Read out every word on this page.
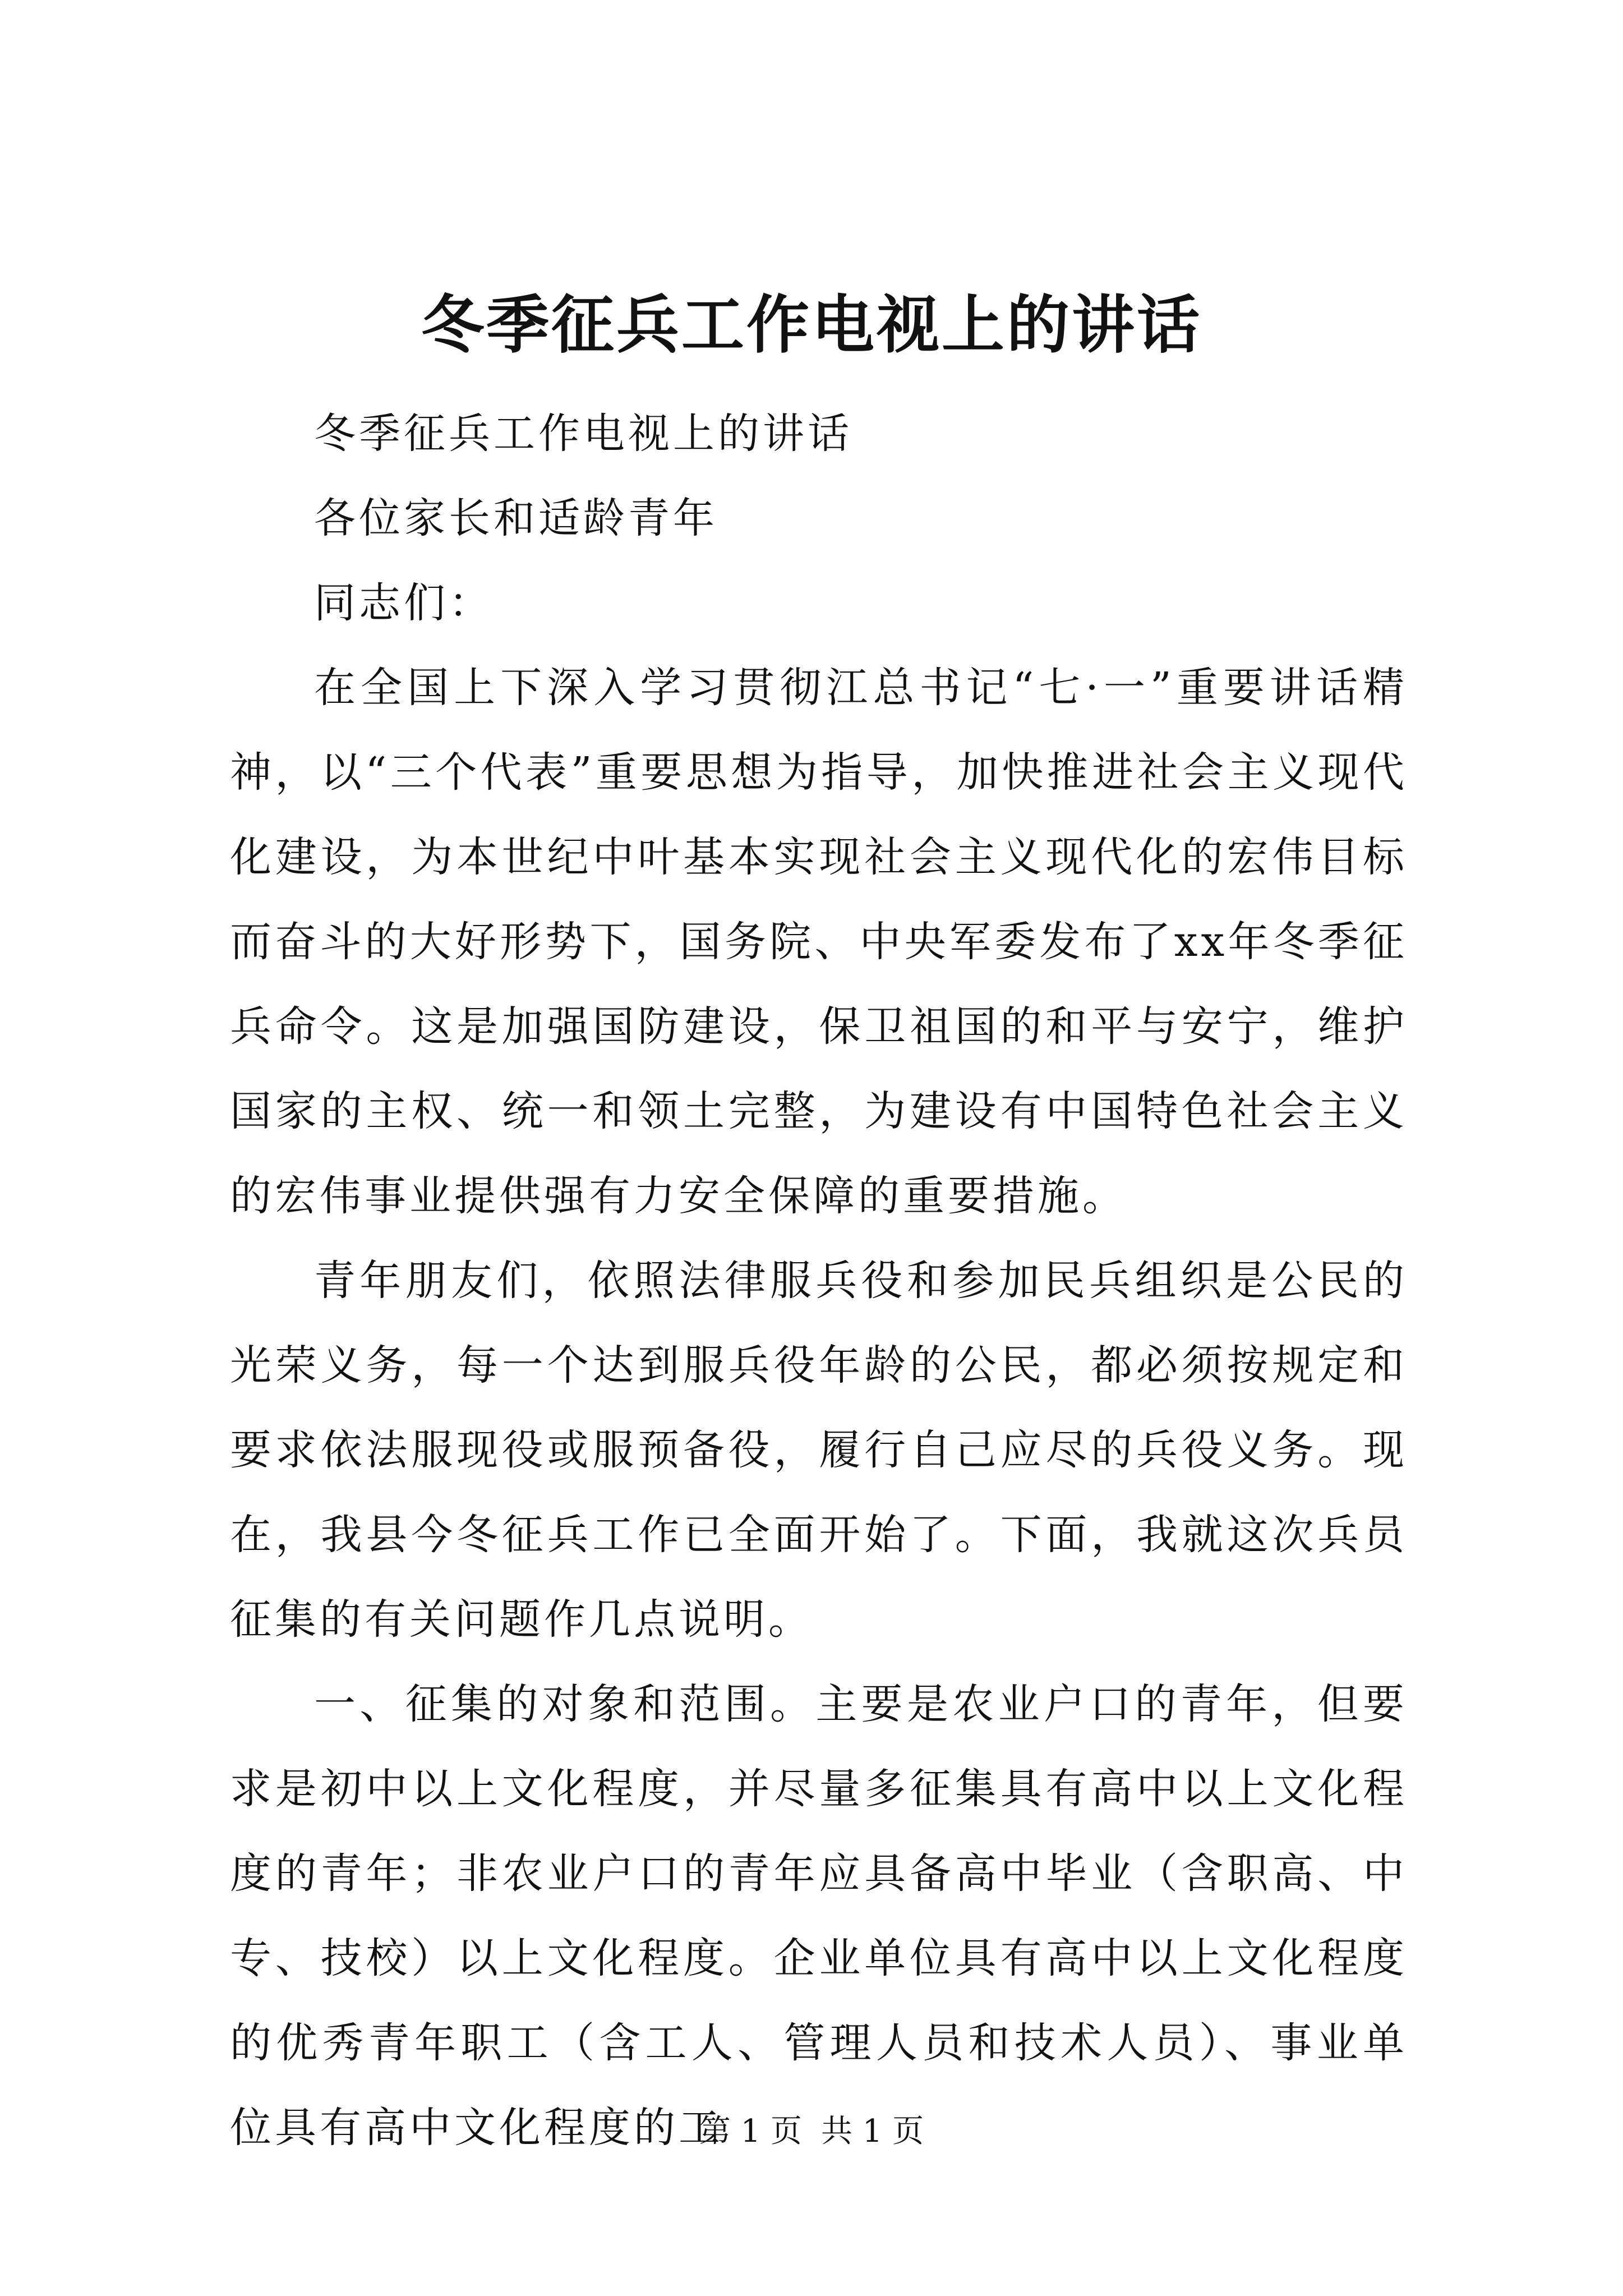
冬季征兵工作电视上的讲话

冬季征兵工作电视上的讲话

各位家长和适龄青年

同志们：

在全国上下深入学习贯彻江总书记“七·一”重要讲话精神，以“三个代表”重要思想为指导，加快推进社会主义现代化建设，为本世纪中叶基本实现社会主义现代化的宏伟目标而奋斗的大好形势下，国务院、中央军委发布了xx年冬季征兵命令。这是加强国防建设，保卫祖国的和平与安宁，维护国家的主权、统一和领土完整，为建设有中国特色社会主义的宏伟事业提供强有力安全保障的重要措施。

青年朋友们，依照法律服兵役和参加民兵组织是公民的光荣义务，每一个达到服兵役年龄的公民，都必须按规定和要求依法服现役或服预备役，履行自己应尽的兵役义务。现在，我县今冬征兵工作已全面开始了。下面，我就这次兵员征集的有关问题作几点说明。

一、征集的对象和范围。主要是农业户口的青年，但要求是初中以上文化程度，并尽量多征集具有高中以上文化程度的青年；非农业户口的青年应具备高中毕业（含职高、中专、技校）以上文化程度。企业单位具有高中以上文化程度的优秀青年职工（含工人、管理人员和技术人员）、事业单位具有高中文化程度的工

第 1 页 共 1 页
